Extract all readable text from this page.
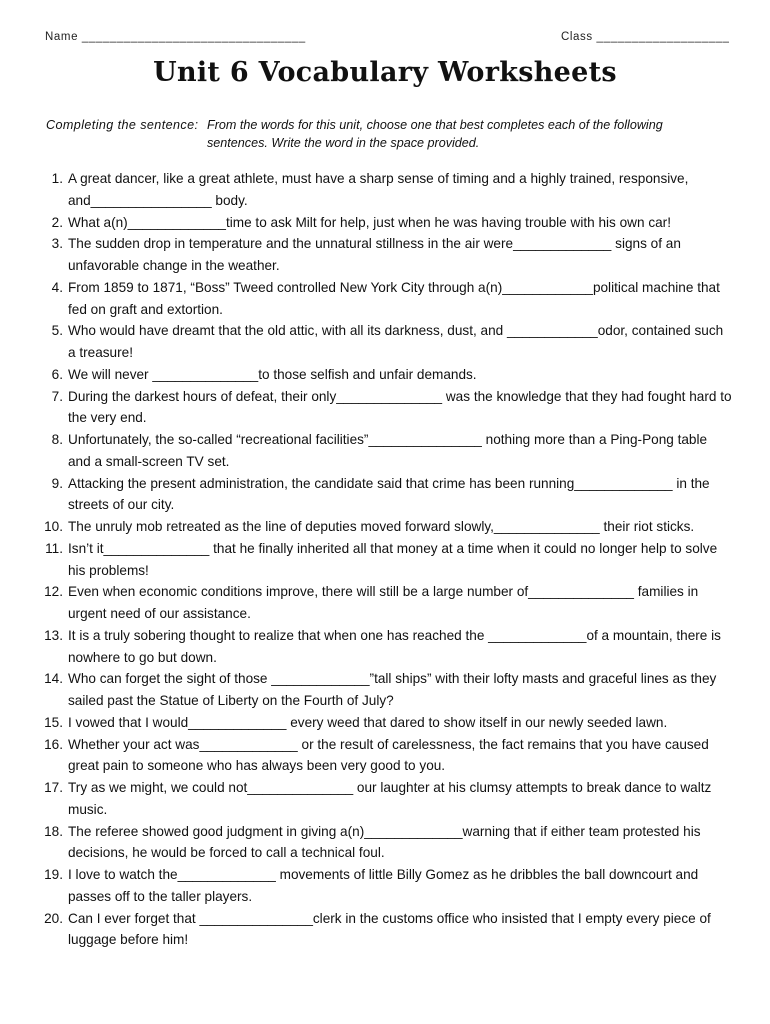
Name ________________________________	Class ___________________
Unit 6 Vocabulary Worksheets
Completing the sentence: From the words for this unit, choose one that best completes each of the following sentences. Write the word in the space provided.
1. A great dancer, like a great athlete, must have a sharp sense of timing and a highly trained, responsive, and________________ body.
2. What a(n)_____________time to ask Milt for help, just when he was having trouble with his own car!
3. The sudden drop in temperature and the unnatural stillness in the air were_____________ signs of an unfavorable change in the weather.
4. From 1859 to 1871, “Boss” Tweed controlled New York City through a(n)____________political machine that fed on graft and extortion.
5. Who would have dreamt that the old attic, with all its darkness, dust, and ____________odor, contained such a treasure!
6. We will never ______________to those selfish and unfair demands.
7. During the darkest hours of defeat, their only______________ was the knowledge that they had fought hard to the very end.
8. Unfortunately, the so-called “recreational facilities”_______________ nothing more than a Ping-Pong table and a small-screen TV set.
9. Attacking the present administration, the candidate said that crime has been running_____________ in the streets of our city.
10. The unruly mob retreated as the line of deputies moved forward slowly,______________ their riot sticks.
11. Isn’t it______________ that he finally inherited all that money at a time when it could no longer help to solve his problems!
12. Even when economic conditions improve, there will still be a large number of______________ families in urgent need of our assistance.
13. It is a truly sobering thought to realize that when one has reached the _____________of a mountain, there is nowhere to go but down.
14. Who can forget the sight of those _____________”tall ships” with their lofty masts and graceful lines as they sailed past the Statue of Liberty on the Fourth of July?
15. I vowed that I would_____________ every weed that dared to show itself in our newly seeded lawn.
16. Whether your act was_____________ or the result of carelessness, the fact remains that you have caused great pain to someone who has always been very good to you.
17. Try as we might, we could not______________ our laughter at his clumsy attempts to break dance to waltz music.
18. The referee showed good judgment in giving a(n)_____________warning that if either team protested his decisions, he would be forced to call a technical foul.
19. I love to watch the_____________ movements of little Billy Gomez as he dribbles the ball downcourt and passes off to the taller players.
20. Can I ever forget that _______________clerk in the customs office who insisted that I empty every piece of luggage before him!
